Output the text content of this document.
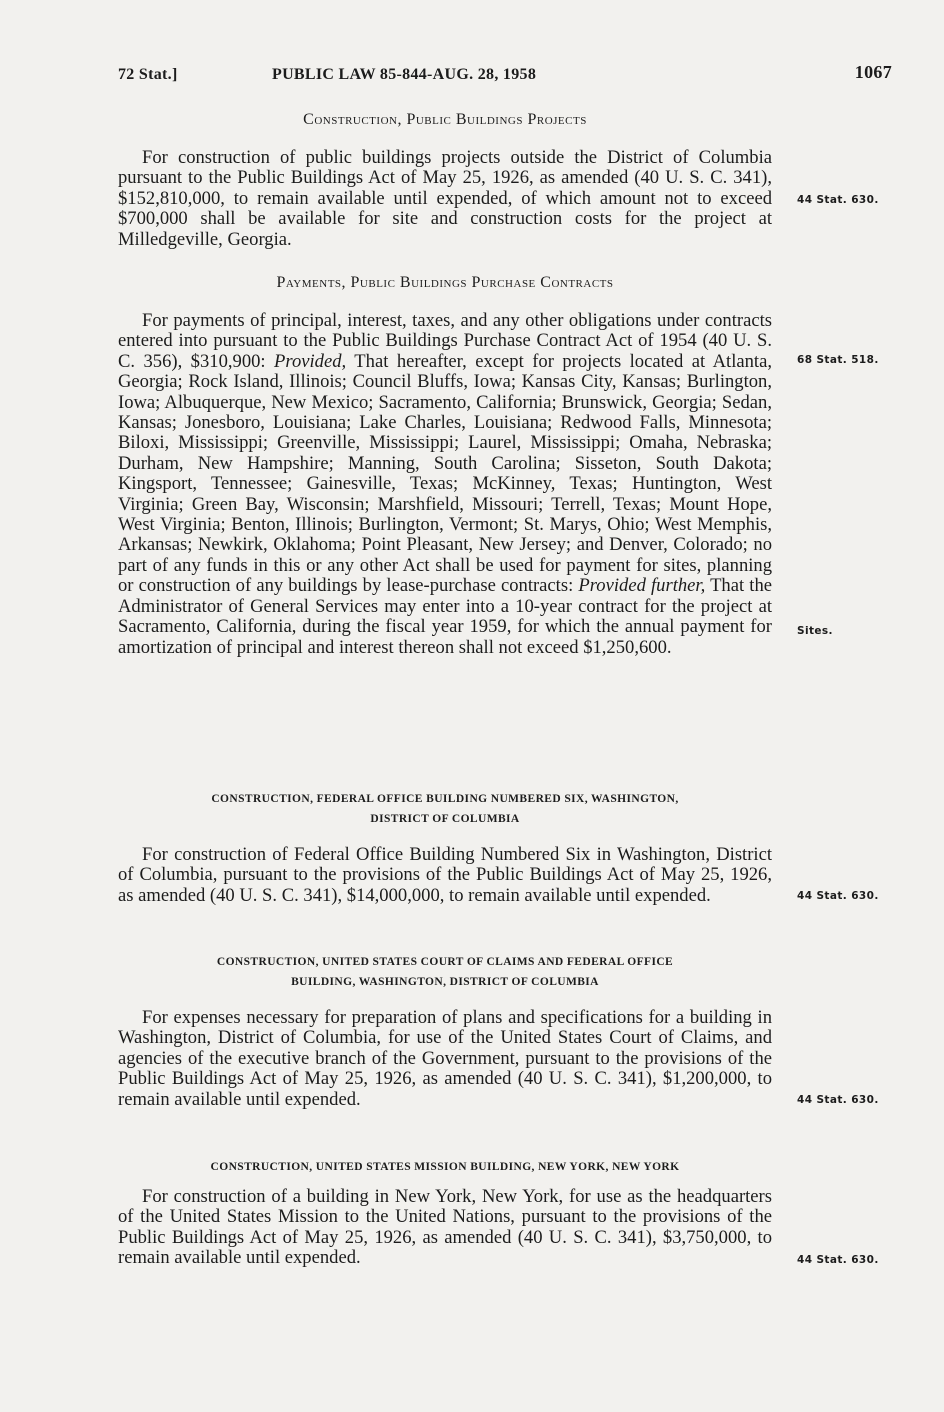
72 Stat.]	PUBLIC LAW 85-844-AUG. 28, 1958	1067
Construction, Public Buildings Projects

For construction of public buildings projects outside the District of Columbia pursuant to the Public Buildings Act of May 25, 1926, as amended (40 U. S. C. 341), $152,810,000, to remain available until expended, of which amount not to exceed $700,000 shall be available for site and construction costs for the project at Milledgeville, Georgia.

Payments, Public Buildings Purchase Contracts

For payments of principal, interest, taxes, and any other obligations under contracts entered into pursuant to the Public Buildings Purchase Contract Act of 1954 (40 U. S. C. 356), $310,900: Provided, That hereafter, except for projects located at Atlanta, Georgia; Rock Island, Illinois; Council Bluffs, Iowa; Kansas City, Kansas; Burlington, Iowa; Albuquerque, New Mexico; Sacramento, California; Brunswick, Georgia; Sedan, Kansas; Jonesboro, Louisiana; Lake Charles, Louisiana; Redwood Falls, Minnesota; Biloxi, Mississippi; Greenville, Mississippi; Laurel, Mississippi; Omaha, Nebraska; Durham, New Hampshire; Manning, South Carolina; Sisseton, South Dakota; Kingsport, Tennessee; Gainesville, Texas; McKinney, Texas; Huntington, West Virginia; Green Bay, Wisconsin; Marshfield, Missouri; Terrell, Texas; Mount Hope, West Virginia; Benton, Illinois; Burlington, Vermont; St. Marys, Ohio; West Memphis, Arkansas; Newkirk, Oklahoma; Point Pleasant, New Jersey; and Denver, Colorado; no part of any funds in this or any other Act shall be used for payment for sites, planning or construction of any buildings by lease-purchase contracts: Provided further, That the Administrator of General Services may enter into a 10-year contract for the project at Sacramento, California, during the fiscal year 1959, for which the annual payment for amortization of principal and interest thereon shall not exceed $1,250,600.

CONSTRUCTION, FEDERAL OFFICE BUILDING NUMBERED SIX, WASHINGTON,
DISTRICT OF COLUMBIA

For construction of Federal Office Building Numbered Six in Washington, District of Columbia, pursuant to the provisions of the Public Buildings Act of May 25, 1926, as amended (40 U. S. C. 341), $14,000,000, to remain available until expended.

CONSTRUCTION, UNITED STATES COURT OF CLAIMS AND FEDERAL OFFICE
BUILDING, WASHINGTON, DISTRICT OF COLUMBIA

For expenses necessary for preparation of plans and specifications for a building in Washington, District of Columbia, for use of the United States Court of Claims, and agencies of the executive branch of the Government, pursuant to the provisions of the Public Buildings Act of May 25, 1926, as amended (40 U. S. C. 341), $1,200,000, to remain available until expended.

CONSTRUCTION, UNITED STATES MISSION BUILDING, NEW YORK, NEW YORK

For construction of a building in New York, New York, for use as the headquarters of the United States Mission to the United Nations, pursuant to the provisions of the Public Buildings Act of May 25, 1926, as amended (40 U. S. C. 341), $3,750,000, to remain available until expended.

44 Stat. 630.
68 Stat. 518.
Sites.
44 Stat. 630.
44 Stat. 630.
44 Stat. 630.
